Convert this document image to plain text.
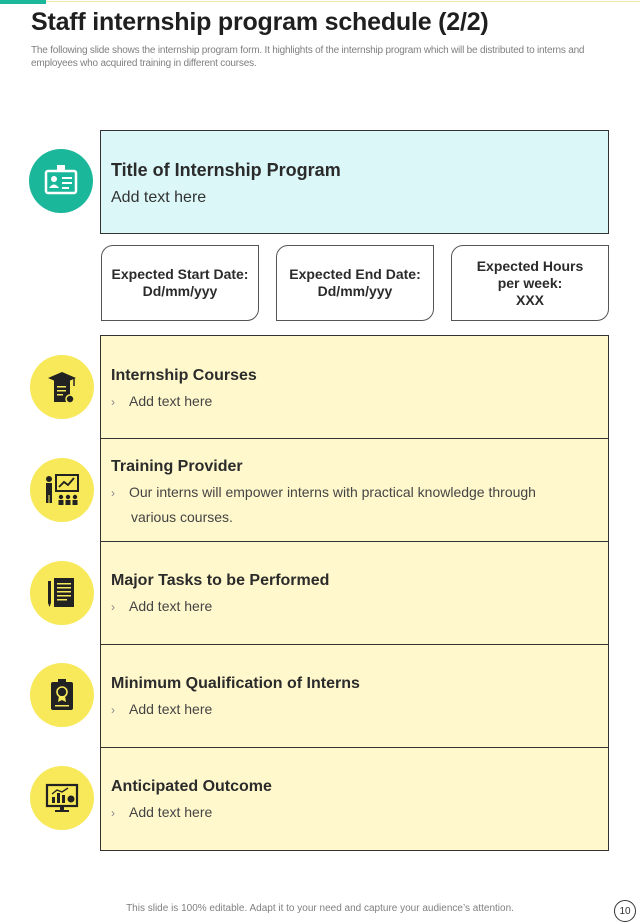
Staff internship program schedule (2/2)
The following slide shows the internship program form. It highlights of the internship program which will be distributed to interns and employees who acquired training in different courses.
Title of Internship Program
Add text here
Expected Start Date:
Dd/mm/yyy
Expected End Date:
Dd/mm/yyy
Expected Hours
per week:
XXX
Internship Courses
› Add text here
Training Provider
› Our interns will empower interns with practical knowledge through
various courses.
Major Tasks to be Performed
› Add text here
Minimum Qualification of Interns
› Add text here
Anticipated Outcome
› Add text here
This slide is 100% editable. Adapt it to your need and capture your audience’s attention.	10
